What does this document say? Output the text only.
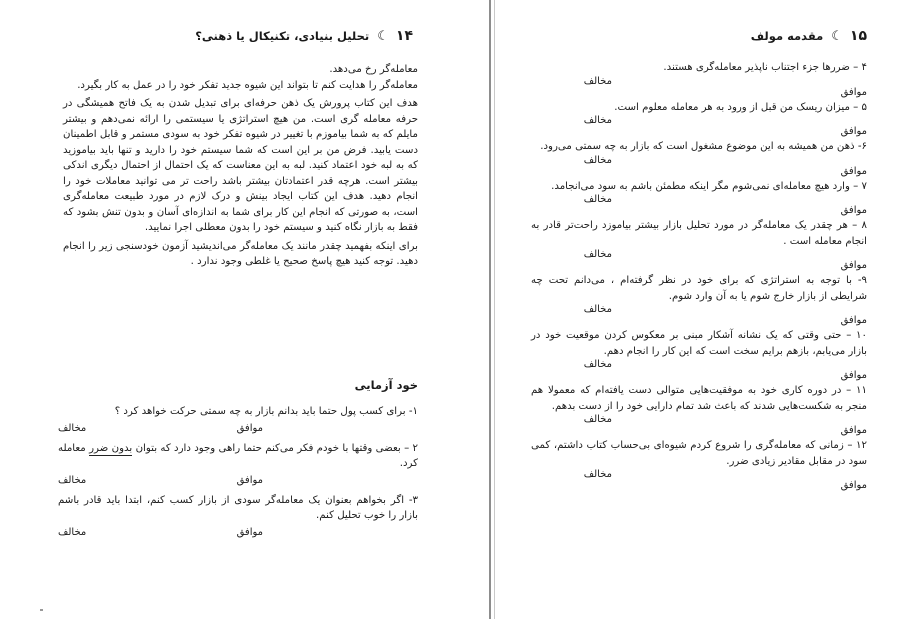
۱۴ ☾ تحلیل بنیادی، تکنیکال یا ذهنی؟

معامله‌گر رخ می‌دهد.

معامله‌گر را هدایت کنم تا بتواند این شیوه جدید تفکر خود را در عمل به کار بگیرد.

هدف این کتاب پرورش یک ذهن حرفه‌ای برای تبدیل شدن به یک فاتح همیشگی در حرفه معامله گری است. من هیچ استراتژی یا سیستمی را ارائه نمی‌دهم و بیشتر مایلم که به شما بیاموزم با تغییر در شیوه تفکر خود به سودی مستمر و قابل اطمینان دست یابید. فرض من بر این است که شما سیستم خود را دارید و تنها باید بیاموزید که به لبه خود اعتماد کنید. لبه به این معناست که یک احتمال از احتمال دیگری اندکی بیشتر است. هرچه قدر اعتمادتان بیشتر باشد راحت تر می توانید معاملات خود را انجام دهید. هدف این کتاب ایجاد بینش و درک لازم در مورد طبیعت معامله‌گری است، به صورتی که انجام این کار برای شما به اندازه‌ای آسان و بدون تنش بشود که فقط به بازار نگاه کنید و سیستم خود را بدون معطلی اجرا نمایید.

برای اینکه بفهمید چقدر مانند یک معامله‌گر می‌اندیشید آزمون خودسنجی زیر را انجام دهید. توجه کنید هیچ پاسخ صحیح یا غلطی وجود ندارد .

خود آزمایی
۱- برای کسب پول حتما باید بدانم بازار به چه سمتی حرکت خواهد کرد ؟
موافق
مخالف
۲ – بعضی وقتها با خودم فکر می‌کنم حتما راهی وجود دارد که بتوان بدون ضرر معامله کرد.
موافق
مخالف
۳- اگر بخواهم بعنوان یک معامله‌گر سودی از بازار کسب کنم، ابتدا باید قادر باشم بازار را خوب تحلیل کنم.
موافق
مخالف
۱۵ ☾ مقدمه مولف
۴ – ضررها جزء اجتناب ناپذیر معامله‌گری هستند.
مخالف
موافق
۵ – میزان ریسک من قبل از ورود به هر معامله معلوم است.
مخالف
موافق
۶- ذهن من همیشه به این موضوع مشغول است که بازار به چه سمتی می‌رود.
مخالف
موافق
۷ – وارد هیچ معامله‌ای نمی‌شوم مگر اینکه مطمئن باشم به سود می‌انجامد.
مخالف
موافق
۸ – هر چقدر یک معامله‌گر در مورد تحلیل بازار بیشتر بیاموزد راحت‌تر قادر به انجام معامله است .
مخالف
موافق
۹- با توجه به استراتژی که برای خود در نظر گرفته‌ام ، می‌دانم تحت چه شرایطی از بازار خارج شوم یا به آن وارد شوم.
مخالف
موافق
۱۰ – حتی وقتی که یک نشانه آشکار مبنی بر معکوس کردن موقعیت خود در بازار می‌یابم، بازهم برایم سخت است که این کار را انجام دهم.
مخالف
موافق
۱۱ – در دوره کاری خود به موفقیت‌هایی متوالی دست یافته‌ام که معمولا هم منجر به شکست‌هایی شدند که باعث شد تمام دارایی خود را از دست بدهم.
مخالف
موافق
۱۲ – زمانی که معامله‌گری را شروع کردم شیوه‌ای بی‌حساب کتاب داشتم، کمی سود در مقابل مقادیر زیادی ضرر.
مخالف
موافق
